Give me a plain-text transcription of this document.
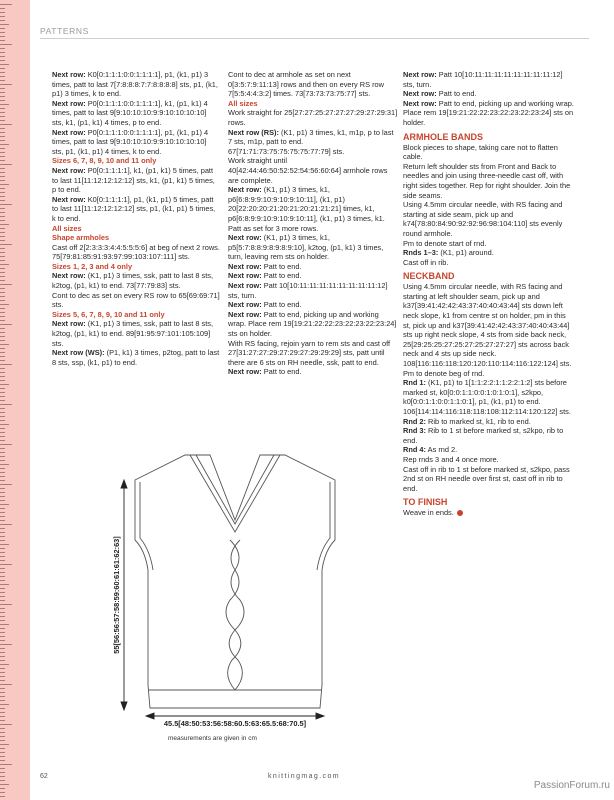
PATTERNS

Next row: K0[0:1:1:1:0:0:1:1:1:1], p1, (k1, p1) 3 times, patt to last 7[7:8:8:8:7:7:8:8:8:8] sts, p1, (k1, p1) 3 times, k to end.

Next row: P0[0:1:1:1:0:0:1:1:1:1], k1, (p1, k1) 4 times, patt to last 9[9:10:10:10:9:9:10:10:10:10] sts, k1, (p1, k1) 4 times, p to end.

Next row: P0[0:1:1:1:0:0:1:1:1:1], p1, (k1, p1) 4 times, patt to last 9[9:10:10:10:9:9:10:10:10:10] sts, p1, (k1, p1) 4 times, k to end.

Sizes 6, 7, 8, 9, 10 and 11 only

Next row: P0[0:1:1:1:1], k1, (p1, k1) 5 times, patt to last 11[11:12:12:12:12] sts, k1, (p1, k1) 5 times, p to end.

Next row: K0[0:1:1:1:1], p1, (k1, p1) 5 times, patt to last 11[11:12:12:12:12] sts, p1, (k1, p1) 5 times, k to end.

All sizes

Shape armholes

Cast off 2[2:3:3:3:4:4:5:5:5:6] at beg of next 2 rows.

75[79:81:85:91:93:97:99:103:107:111] sts.

Sizes 1, 2, 3 and 4 only

Next row: (K1, p1) 3 times, ssk, patt to last 8 sts, k2tog, (p1, k1) to end. 73[77:79:83] sts.

Cont to dec as set on every RS row to 65[69:69:71] sts.

Sizes 5, 6, 7, 8, 9, 10 and 11 only

Next row: (K1, p1) 3 times, ssk, patt to last 8 sts, k2tog, (p1, k1) to end. 89[91:95:97:101:105:109] sts.

Next row (WS): (P1, k1) 3 times, p2tog, patt to last 8 sts, ssp, (k1, p1) to end.

Cont to dec at armhole as set on next 0[3:5:7:9:11:13] rows and then on every RS row 7[5:5:4:4:3:2] times. 73[73:73:73:75:77] sts.

All sizes

Work straight for 25[27:27:25:27:27:27:29:27:29:31] rows.

Next row (RS): (K1, p1) 3 times, k1, m1p, p to last 7 sts, m1p, patt to end. 67[71:71:73:75:75:75:75:77:79] sts.

Work straight until 40[42:44:46:50:52:52:54:56:60:64] armhole rows are complete.

Next row: (K1, p1) 3 times, k1, p6[6:8:9:9:10:9:10:9:10:11], (k1, p1) 20[22:20:20:21:20:21:20:21:21:21] times, k1, p6[6:8:9:9:10:9:10:9:10:11], (k1, p1) 3 times, k1.

Patt as set for 3 more rows.

Next row: (K1, p1) 3 times, k1, p5[5:7:8:8:9:8:9:8:9:10], k2tog, (p1, k1) 3 times, turn, leaving rem sts on holder.

Next row: Patt to end.

Next row: Patt to end.

Next row: Patt 10[10:11:11:11:11:11:11:11:11:12] sts, turn.

Next row: Patt to end.

Next row: Patt to end, picking up and working wrap. Place rem 19[19:21:22:22:23:22:23:22:23:24] sts on holder.

With RS facing, rejoin yarn to rem sts and cast off 27[31:27:27:29:27:29:27:29:29:29] sts, patt until there are 6 sts on RH needle, ssk, patt to end.

Next row: Patt to end.

Next row: Patt 10[10:11:11:11:11:11:11:11:11:12] sts, turn.

Next row: Patt to end.

Next row: Patt to end, picking up and working wrap. Place rem 19[19:21:22:22:23:22:23:22:23:24] sts on holder.

ARMHOLE BANDS

Block pieces to shape, taking care not to flatten cable.

Return left shoulder sts from Front and Back to needles and join using three-needle cast off, with right sides together. Rep for right shoulder. Join the side seams.

Using 4.5mm circular needle, with RS facing and starting at side seam, pick up and k74[78:80:84:90:92:92:96:98:104:110] sts evenly round armhole.

Pm to denote start of rnd.

Rnds 1–3: (K1, p1) around.

Cast off in rib.

NECKBAND

Using 4.5mm circular needle, with RS facing and starting at left shoulder seam, pick up and k37[39:41:42:42:43:37:40:40:43:44] sts down left neck slope, k1 from centre st on holder, pm in this st, pick up and k37[39:41:42:42:43:37:40:40:43:44] sts up right neck slope, 4 sts from side back neck, 25[29:25:25:27:25:27:25:27:27:27] sts across back neck and 4 sts up side neck. 108[116:116:118:120:120:110:114:116:122:124] sts.

Pm to denote beg of rnd.

Rnd 1: (K1, p1) to 1[1:1:2:2:1:1:2:2:1:2] sts before marked st, k0[0:0:1:1:0:0:1:0:1:0:1], s2kpo, k0[0:0:1:1:0:0:1:1:0:1], p1, (k1, p1) to end. 106[114:114:116:118:118:108:112:114:120:122] sts.

Rnd 2: Rib to marked st, k1, rib to end.

Rnd 3: Rib to 1 st before marked st, s2kpo, rib to end.

Rnd 4: As rnd 2.

Rep rnds 3 and 4 once more.

Cast off in rib to 1 st before marked st, s2kpo, pass 2nd st on RH needle over first st, cast off in rib to end.

TO FINISH

Weave in ends.

55[56:56:57:58:59:60:61:61:62:63]
45.5[48:50:53:56:58:60.5:63:65.5:68:70.5]
measurements are given in cm
62	knittingmag.com
PassionForum.ru
